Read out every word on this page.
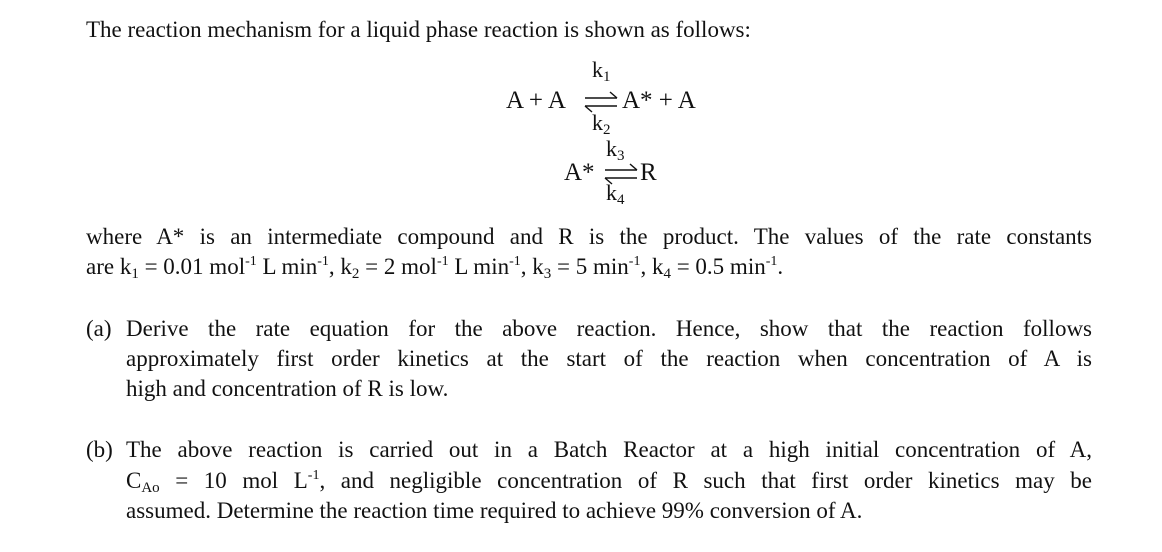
The reaction mechanism for a liquid phase reaction is shown as follows:
$k_1$
A + A ⇌ A* + A
$k_2$
$k_3$
A* ⇌ R
$k_4$
where A* is an intermediate compound and R is the product. The values of the rate constants
are $k_1 = 0.01$ mol$^{-1}$ L $\min^{-1}$, $k_2 = 2$ mol$^{-1}$ L $\min^{-1}$, $k_3 = 5$ $\min^{-1}$, $k_4 = 0.5$ $\min^{-1}$.
(a) Derive the rate equation for the above reaction. Hence, show that the reaction follows
approximately first order kinetics at the start of the reaction when concentration of A is
high and concentration of R is low.
(b) The above reaction is carried out in a Batch Reactor at a high initial concentration of A,
$C_{Ao} = 10$ mol $L^{-1}$, and negligible concentration of R such that first order kinetics may be
assumed. Determine the reaction time required to achieve 99% conversion of A.
